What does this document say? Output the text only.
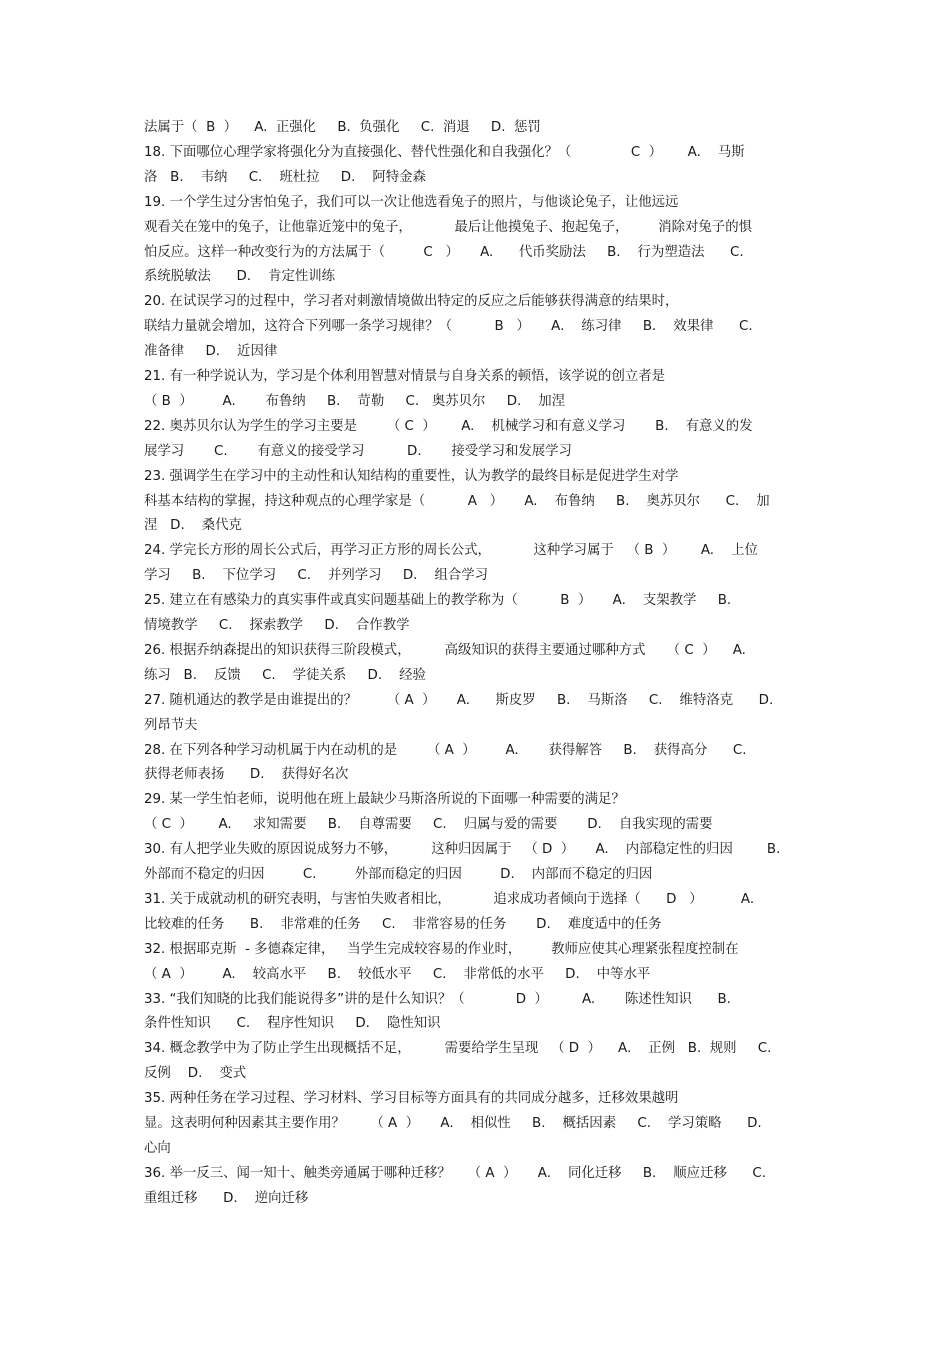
法属于（  B  ）    A.  正强化     B.  负强化     C.  消退     D.  惩罚
18. 下面哪位心理学家将强化分为直接强化、替代性强化和自我强化？（              C  ）      A.    马斯
洛   B.    韦纳     C.    班杜拉     D.    阿特金森
19. 一个学生过分害怕兔子，我们可以一次让他选看兔子的照片，与他谈论兔子，让他远远
观看关在笼中的兔子，让他靠近笼中的兔子，          最后让他摸兔子、抱起兔子，       消除对兔子的惧
怕反应。这样一种改变行为的方法属于（         C   ）     A.      代币奖励法     B.    行为塑造法      C.
系统脱敏法      D.    肯定性训练
20. 在试误学习的过程中，学习者对刺激情境做出特定的反应之后能够获得满意的结果时，
联结力量就会增加，这符合下列哪一条学习规律？（          B   ）     A.    练习律     B.    效果律      C.
准备律     D.    近因律
21. 有一种学说认为，学习是个体利用智慧对情景与自身关系的顿悟，该学说的创立者是
（ B  ）       A.       布鲁纳     B.    苛勒     C.   奥苏贝尔     D.    加涅
22. 奥苏贝尔认为学生的学习主要是       （ C  ）      A.    机械学习和有意义学习       B.    有意义的发
展学习       C.       有意义的接受学习          D.       接受学习和发展学习
23. 强调学生在学习中的主动性和认知结构的重要性，认为教学的最终目标是促进学生对学
科基本结构的掌握，持这种观点的心理学家是（          A   ）     A.    布鲁纳     B.    奥苏贝尔      C.    加
涅   D.    桑代克
24. 学完长方形的周长公式后，再学习正方形的周长公式，          这种学习属于   （ B  ）      A.    上位
学习     B.    下位学习     C.    并列学习     D.    组合学习
25. 建立在有感染力的真实事件或真实问题基础上的教学称为（          B  ）     A.    支架教学     B.
情境教学     C.    探索教学     D.    合作教学
26. 根据乔纳森提出的知识获得三阶段模式，        高级知识的获得主要通过哪种方式     （ C  ）    A.
练习   B.    反馈     C.    学徒关系     D.    经验
27. 随机通达的教学是由谁提出的？       （ A  ）     A.      斯皮罗     B.    马斯洛     C.    维特洛克      D.
列昂节夫
28. 在下列各种学习动机属于内在动机的是       （ A  ）       A.       获得解答     B.    获得高分      C.
获得老师表扬      D.    获得好名次
29. 某一学生怕老师，说明他在班上最缺少马斯洛所说的下面哪一种需要的满足？
（ C  ）      A.     求知需要     B.    自尊需要     C.    归属与爱的需要       D.    自我实现的需要
30. 有人把学业失败的原因说成努力不够，        这种归因属于   （ D  ）     A.    内部稳定性的归因        B.
外部而不稳定的归因         C.         外部而稳定的归因         D.    内部而不稳定的归因
31. 关于成就动机的研究表明，与害怕失败者相比，          追求成功者倾向于选择（      D   ）         A.
比较难的任务      B.    非常难的任务     C.    非常容易的任务       D.    难度适中的任务
32. 根据耶克斯  - 多德森定律，   当学生完成较容易的作业时，       教师应使其心理紧张程度控制在
（ A  ）       A.    较高水平     B.    较低水平     C.    非常低的水平     D.    中等水平
33. “我们知晓的比我们能说得多”讲的是什么知识？（            D  ）        A.       陈述性知识      B.
条件性知识      C.    程序性知识     D.    隐性知识
34. 概念教学中为了防止学生出现概括不足，        需要给学生呈现   （ D  ）    A.    正例   B.  规则     C.
反例    D.    变式
35. 两种任务在学习过程、学习材料、学习目标等方面具有的共同成分越多，迁移效果越明
显。这表明何种因素其主要作用？      （ A  ）     A.    相似性     B.    概括因素     C.    学习策略      D.
心向
36. 举一反三、闻一知十、触类旁通属于哪种迁移？    （ A  ）     A.    同化迁移     B.    顺应迁移      C.
重组迁移      D.    逆向迁移
